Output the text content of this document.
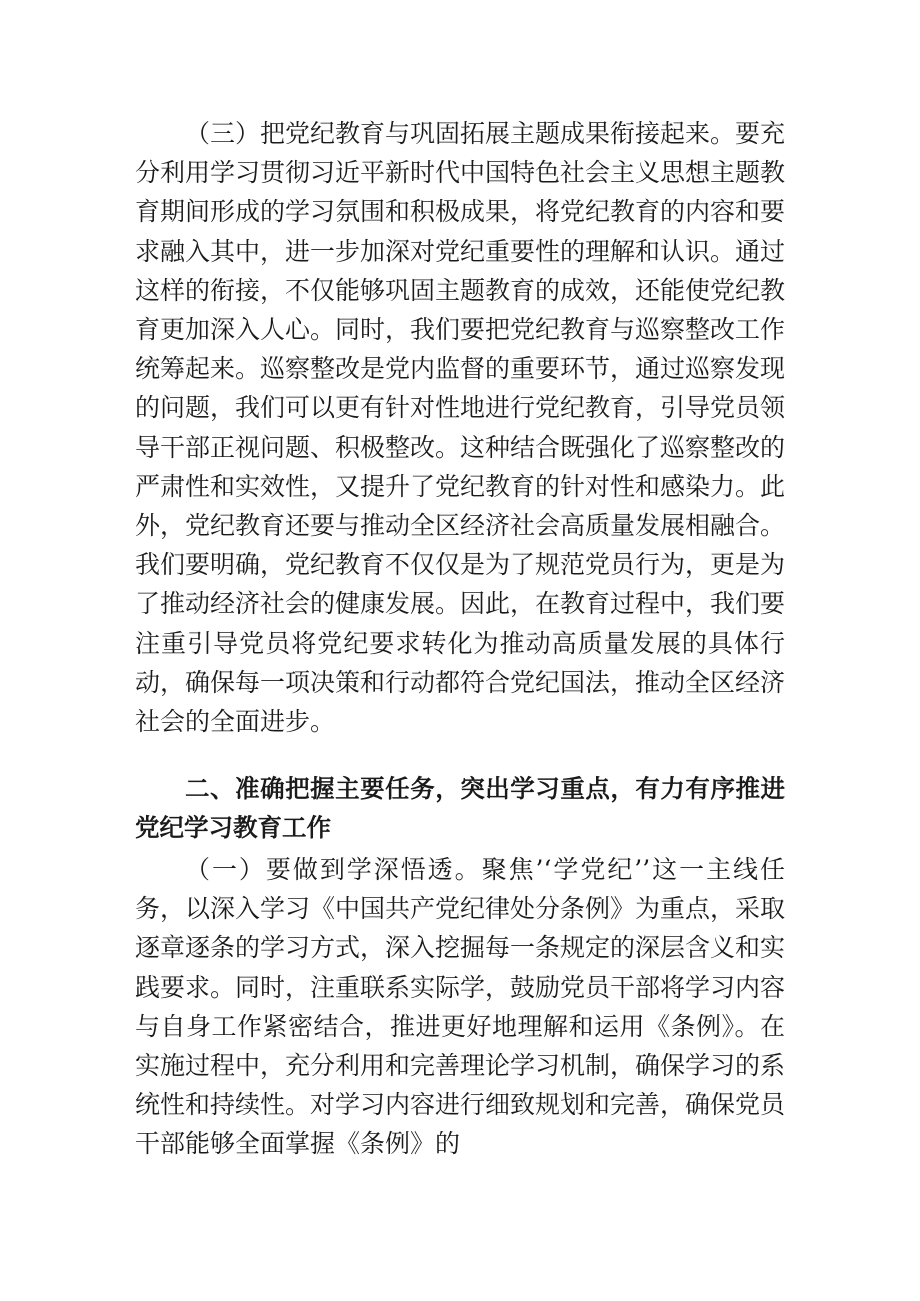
（三）把党纪教育与巩固拓展主题成果衔接起来。要充分利用学习贯彻习近平新时代中国特色社会主义思想主题教育期间形成的学习氛围和积极成果，将党纪教育的内容和要求融入其中，进一步加深对党纪重要性的理解和认识。通过这样的衔接，不仅能够巩固主题教育的成效，还能使党纪教育更加深入人心。同时，我们要把党纪教育与巡察整改工作统筹起来。巡察整改是党内监督的重要环节，通过巡察发现的问题，我们可以更有针对性地进行党纪教育，引导党员领导干部正视问题、积极整改。这种结合既强化了巡察整改的严肃性和实效性，又提升了党纪教育的针对性和感染力。此外，党纪教育还要与推动全区经济社会高质量发展相融合。我们要明确，党纪教育不仅仅是为了规范党员行为，更是为了推动经济社会的健康发展。因此，在教育过程中，我们要注重引导党员将党纪要求转化为推动高质量发展的具体行动，确保每一项决策和行动都符合党纪国法，推动全区经济社会的全面进步。

二、准确把握主要任务，突出学习重点，有力有序推进党纪学习教育工作

（一）要做到学深悟透。聚焦’‘学党纪’’这一主线任务，以深入学习《中国共产党纪律处分条例》为重点，采取逐章逐条的学习方式，深入挖掘每一条规定的深层含义和实践要求。同时，注重联系实际学，鼓励党员干部将学习内容与自身工作紧密结合，推进更好地理解和运用《条例》。在实施过程中，充分利用和完善理论学习机制，确保学习的系统性和持续性。对学习内容进行细致规划和完善，确保党员干部能够全面掌握《条例》的
